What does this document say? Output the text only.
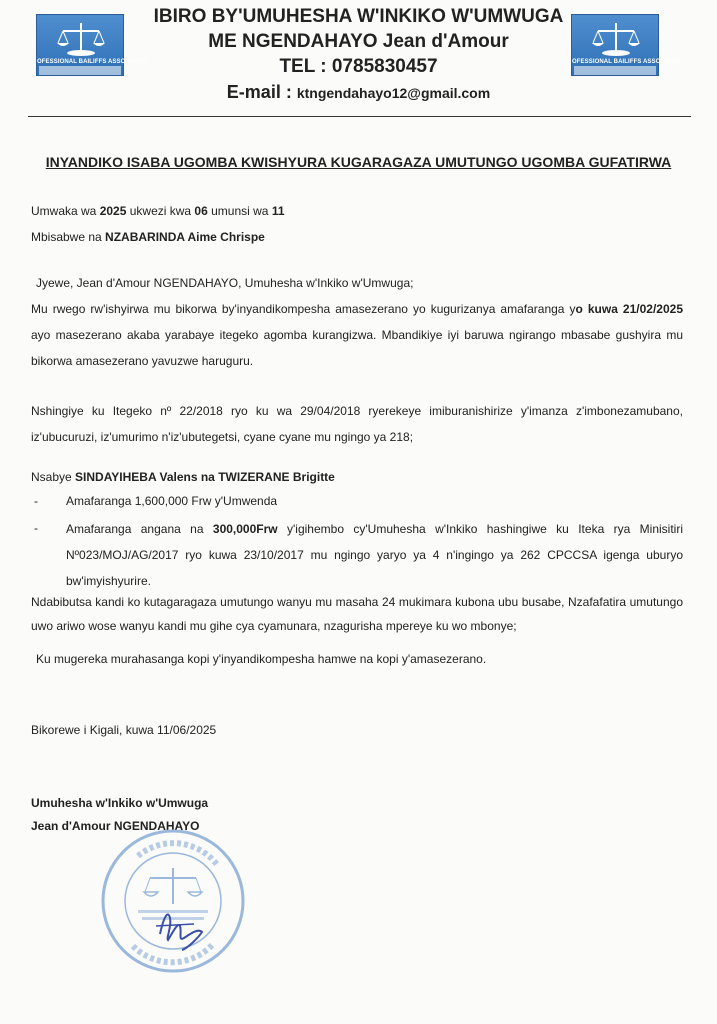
OFESSIONAL BAILIFFS ASSOCIATIO	OFESSIONAL BAILIFFS ASSOCIATIO
IBIRO BY'UMUHESHA W'INKIKO W'UMWUGA
ME NGENDAHAYO Jean d'Amour
TEL : 0785830457
E-mail : ktngendahayo12@gmail.com
INYANDIKO ISABA UGOMBA KWISHYURA KUGARAGAZA UMUTUNGO UGOMBA GUFATIRWA
Umwaka wa 2025 ukwezi kwa 06 umunsi wa 11
Mbisabwe na NZABARINDA Aime Chrispe
Jyewe, Jean d'Amour NGENDAHAYO, Umuhesha w'Inkiko w'Umwuga;
Mu rwego rw'ishyirwa mu bikorwa by'inyandikompesha amasezerano yo kugurizanya amafaranga yo kuwa 21/02/2025 ayo masezerano akaba yarabaye itegeko agomba kurangizwa. Mbandikiye iyi baruwa ngirango mbasabe gushyira mu bikorwa amasezerano yavuzwe haruguru.
Nshingiye ku Itegeko nº 22/2018 ryo ku wa 29/04/2018 ryerekeye imiburanishirize y'imanza z'imbonezamubano, iz'ubucuruzi, iz'umurimo n'iz'ubutegetsi, cyane cyane mu ngingo ya 218;
Nsabye SINDAYIHEBA Valens na TWIZERANE Brigitte
- Amafaranga 1,600,000 Frw y'Umwenda
- Amafaranga angana na 300,000Frw y'igihembo cy'Umuhesha w'Inkiko hashingiwe ku Iteka rya Minisitiri Nº023/MOJ/AG/2017 ryo kuwa 23/10/2017 mu ngingo yaryo ya 4 n'ingingo ya 262 CPCCSA igenga uburyo bw'imyishyurire.
Ndabibutsa kandi ko kutagaragaza umutungo wanyu mu masaha 24 mukimara kubona ubu busabe, Nzafafatira umutungo uwo ariwo wose wanyu kandi mu gihe cya cyamunara, nzagurisha mpereye ku wo mbonye;
Ku mugereka murahasanga kopi y'inyandikompesha hamwe na kopi y'amasezerano.
Bikorewe i Kigali, kuwa 11/06/2025
Umuhesha w'Inkiko w'Umwuga
Jean d'Amour NGENDAHAYO
